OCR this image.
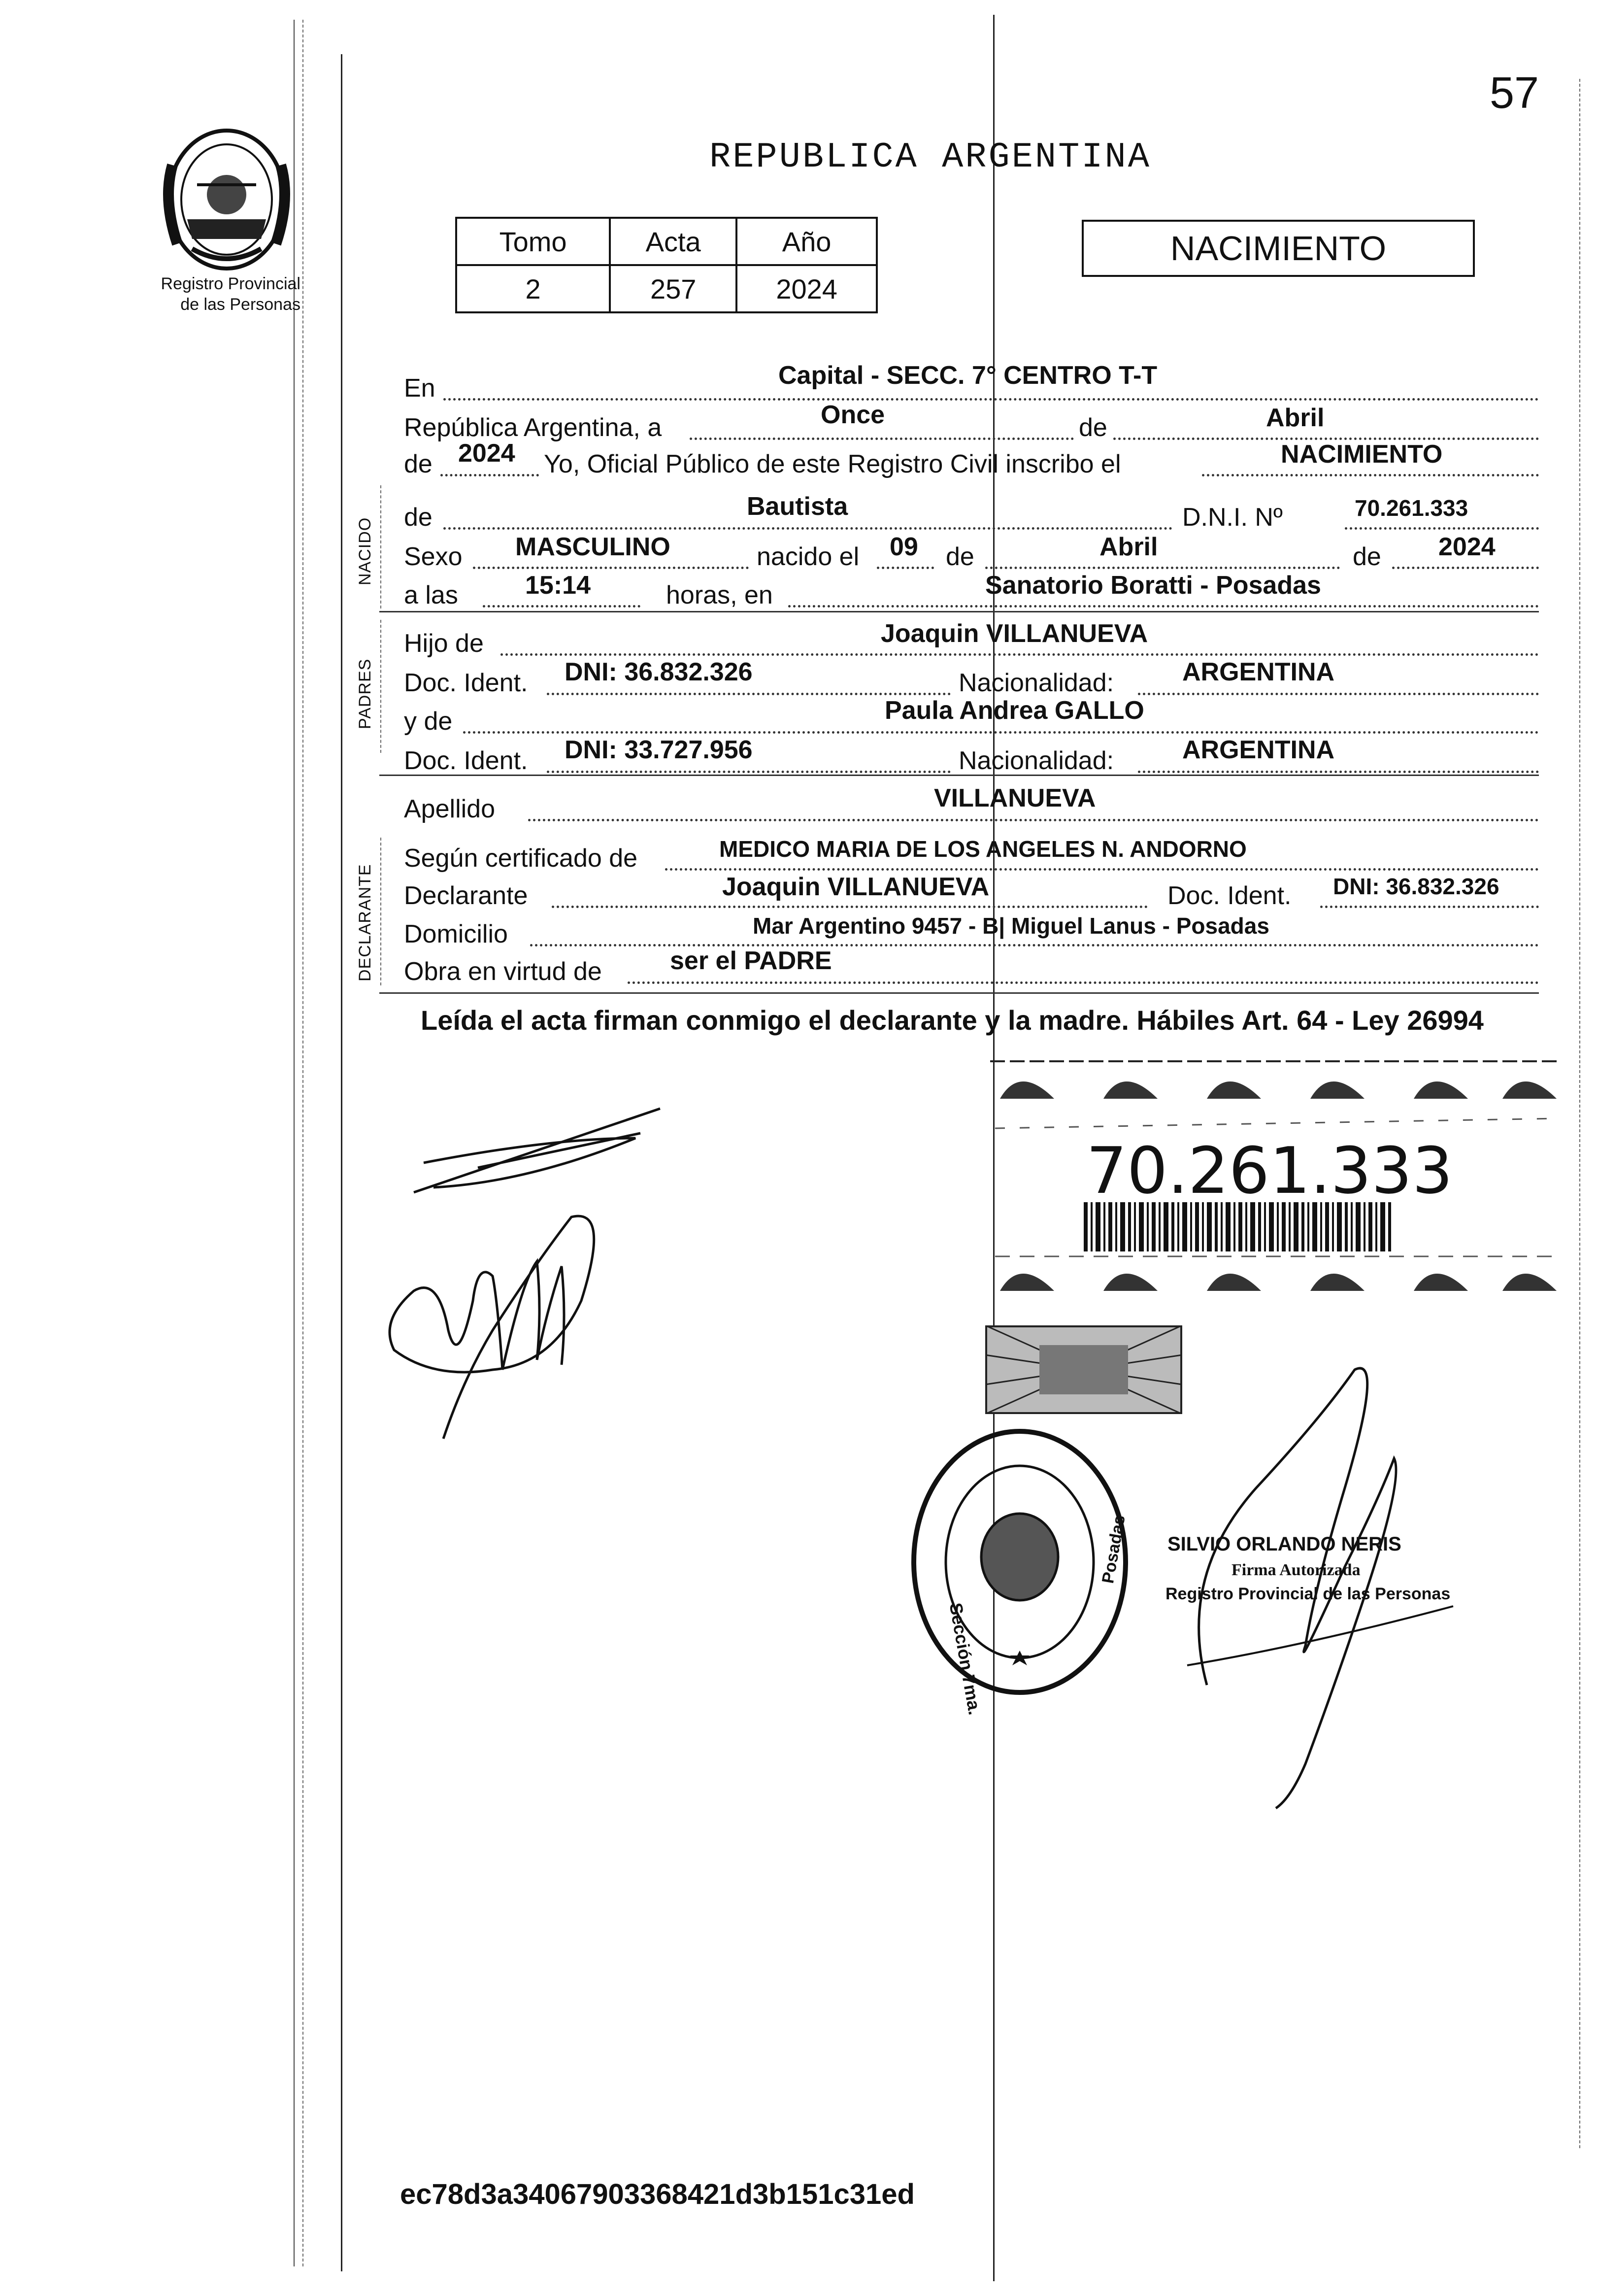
57
Registro Provincial
de las Personas
REPUBLICA ARGENTINA
Tomo	Acta	Año
2	257	2024
NACIMIENTO
En	Capital - SECC. 7° CENTRO T-T
República Argentina, a	Once	de	Abril
de 2024 Yo, Oficial Público de este Registro Civil inscribo el	NACIMIENTO
NACIDO de	Bautista	D.N.I. Nº	70.261.333
Sexo MASCULINO	nacido el 09 de	Abril	de 2024
a las	15:14	horas, en	Sanatorio Boratti - Posadas
PADRES
Hijo de	Joaquin VILLANUEVA
Doc. Ident. DNI: 36.832.326	Nacionalidad:	ARGENTINA
y de	Paula Andrea GALLO
Doc. Ident. DNI: 33.727.956	Nacionalidad:	ARGENTINA
Apellido	VILLANUEVA
DECLARANTE
Según certificado de	MEDICO MARIA DE LOS ANGELES N. ANDORNO
Declarante	Joaquin VILLANUEVA	Doc. Ident. DNI: 36.832.326
Domicilio	Mar Argentino 9457 - B| Miguel Lanus - Posadas
Obra en virtud de	ser el PADRE
Leída el acta firman conmigo el declarante y la madre. Hábiles Art. 64 - Ley 26994
70.261.333
Sección 7ma.
Posadas SILVIO ORLANDO NERIS
Firma Autorizada
Registro Provincial de las Personas
ec78d3a34067903368421d3b151c31ed
